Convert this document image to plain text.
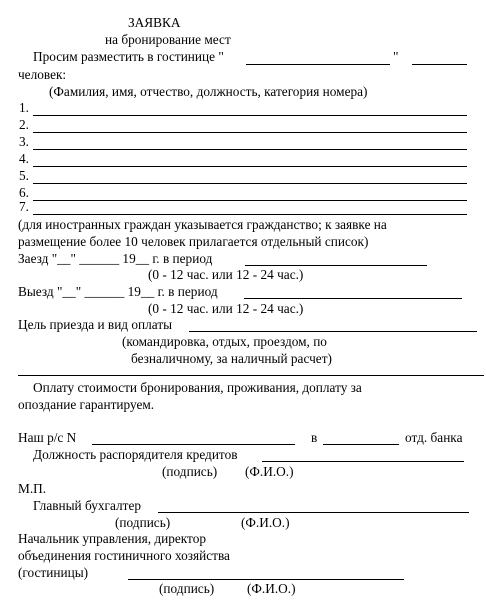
ЗАЯВКА
на бронирование мест
Просим разместить в гостинице "	"
человек:
(Фамилия, имя, отчество, должность, категория номера)
1.
2.
3.
4.
5.
6.
7.
(для иностранных граждан указывается гражданство; к заявке на
размещение более 10 человек прилагается отдельный список)
Заезд "__" ______ 19__ г. в период
(0 - 12 час. или 12 - 24 час.)
Выезд "__" ______ 19__ г. в период
(0 - 12 час. или 12 - 24 час.)
Цель приезда и вид оплаты
(командировка, отдых, проездом, по
безналичному, за наличный расчет)
Оплату стоимости бронирования, проживания, доплату за
опоздание гарантируем.
Наш р/с N	в	отд. банка
Должность распорядителя кредитов
(подпись) (Ф.И.О.)
М.П.
Главный бухгалтер
(подпись)	(Ф.И.О.)
Начальник управления, директор
объединения гостиничного хозяйства
(гостиницы)
(подпись) (Ф.И.О.)
